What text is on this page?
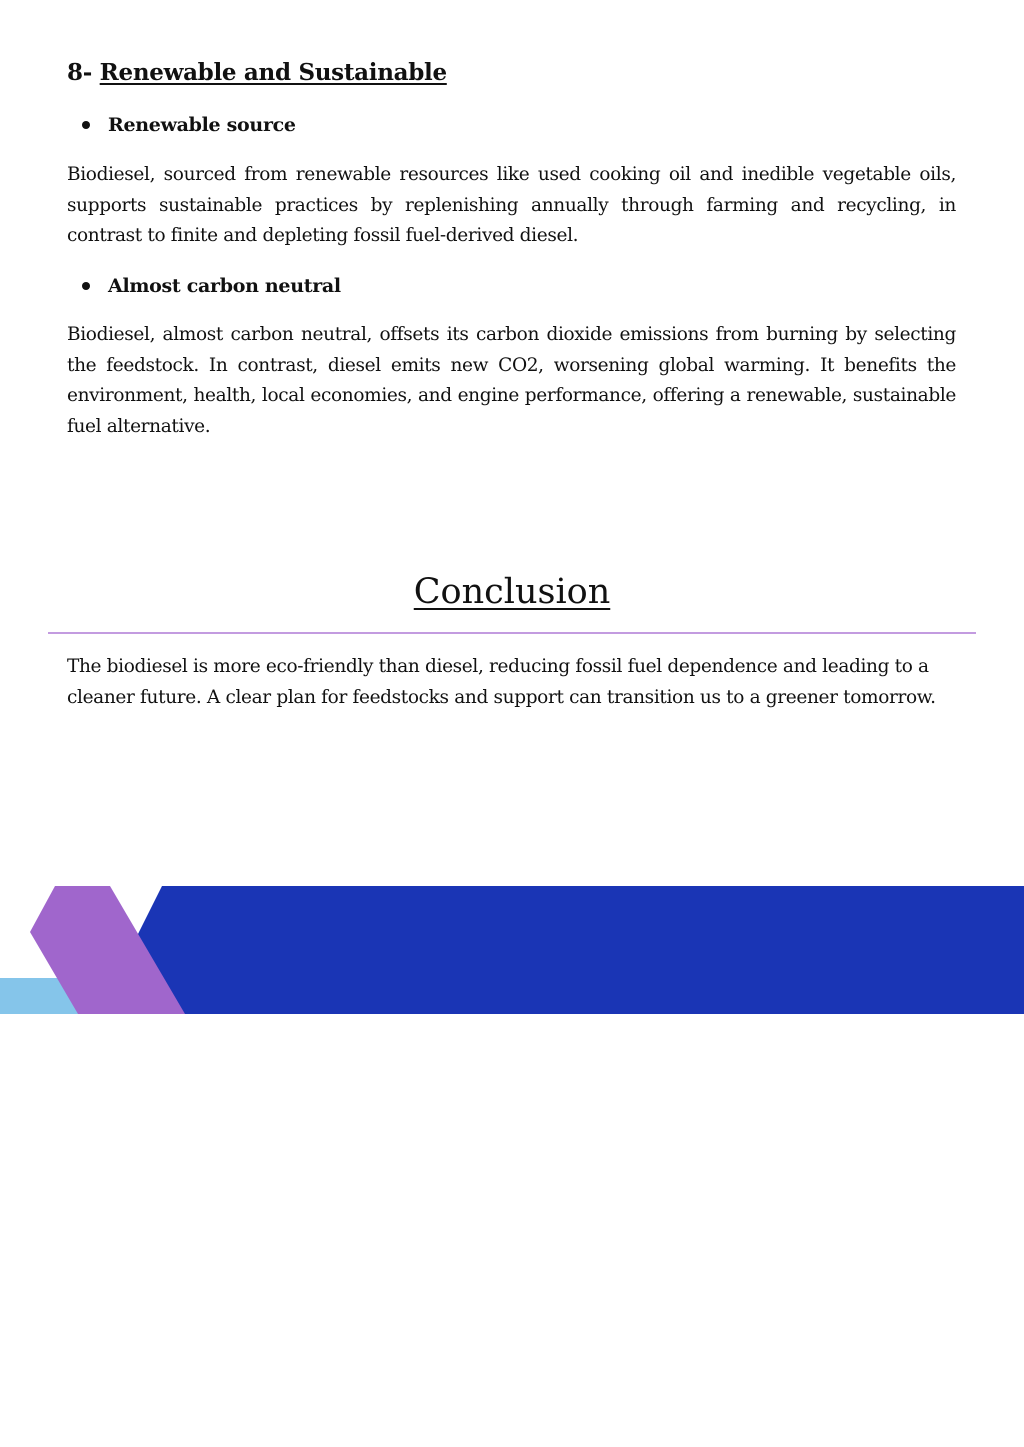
8- Renewable and Sustainable
Renewable source

Biodiesel, sourced from renewable resources like used cooking oil and inedible vegetable oils, supports sustainable practices by replenishing annually through farming and recycling, in contrast to finite and depleting fossil fuel-derived diesel.

Almost carbon neutral

Biodiesel, almost carbon neutral, offsets its carbon dioxide emissions from burning by selecting the feedstock. In contrast, diesel emits new CO2, worsening global warming. It benefits the environment, health, local economies, and engine performance, offering a renewable, sustainable fuel alternative.

Conclusion

The biodiesel is more eco-friendly than diesel, reducing fossil fuel dependence and leading to a cleaner future. A clear plan for feedstocks and support can transition us to a greener tomorrow.
